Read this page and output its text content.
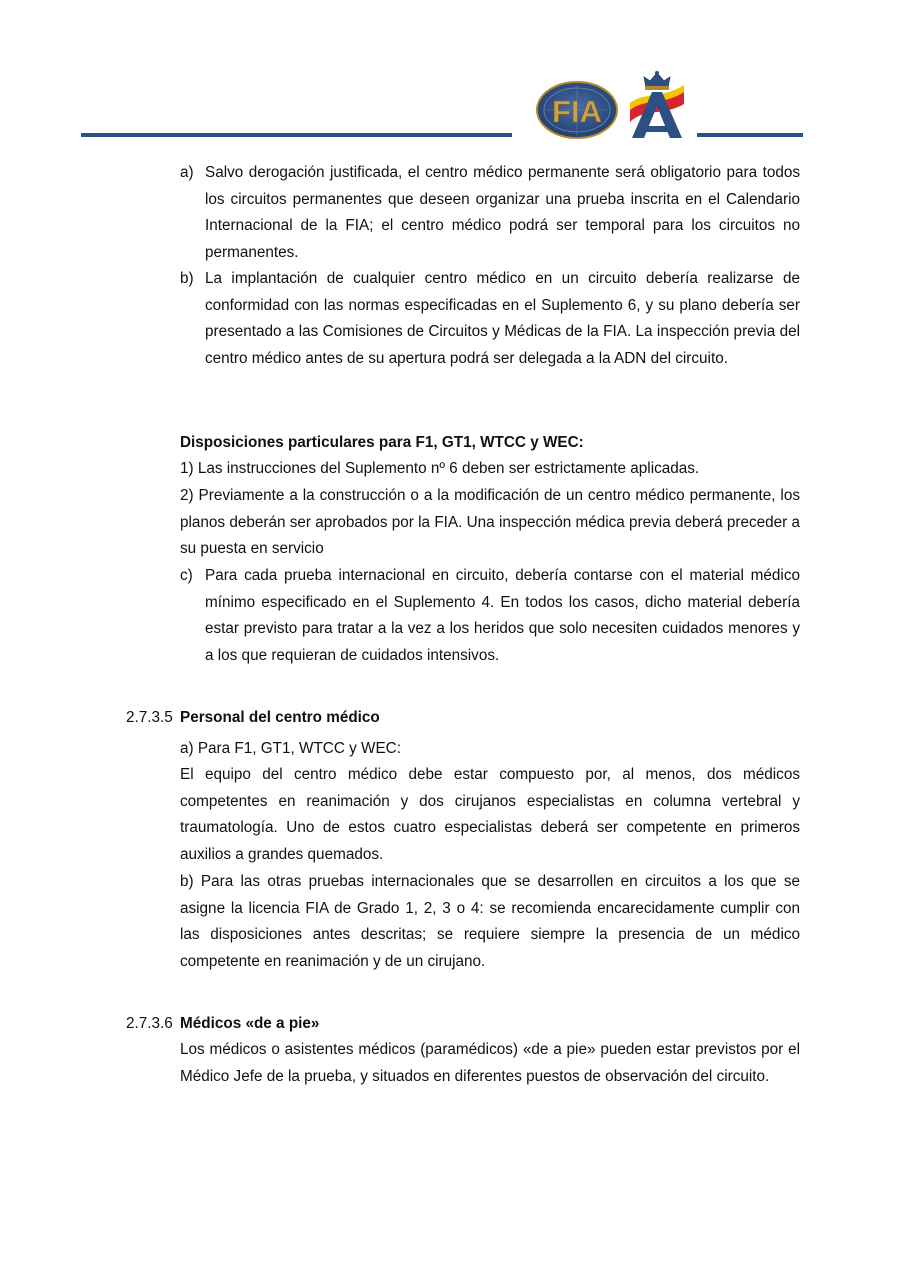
FIA
a) Salvo derogación justificada, el centro médico permanente será obligatorio para todos los circuitos permanentes que deseen organizar una prueba inscrita en el Calendario Internacional de la FIA; el centro médico podrá ser temporal para los circuitos no permanentes.
b) La implantación de cualquier centro médico en un circuito debería realizarse de conformidad con las normas especificadas en el Suplemento 6, y su plano debería ser presentado a las Comisiones de Circuitos y Médicas de la FIA. La inspección previa del centro médico antes de su apertura podrá ser delegada a la ADN del circuito.
Disposiciones particulares para F1, GT1, WTCC y WEC:
1) Las instrucciones del Suplemento nº 6 deben ser estrictamente aplicadas.
2) Previamente a la construcción o a la modificación de un centro médico permanente, los planos deberán ser aprobados por la FIA. Una inspección médica previa deberá preceder a su puesta en servicio
c) Para cada prueba internacional en circuito, debería contarse con el material médico mínimo especificado en el Suplemento 4. En todos los casos, dicho material debería estar previsto para tratar a la vez a los heridos que solo necesiten cuidados menores y a los que requieran de cuidados intensivos.
2.7.3.5 Personal del centro médico
a) Para F1, GT1, WTCC y WEC:
El equipo del centro médico debe estar compuesto por, al menos, dos médicos competentes en reanimación y dos cirujanos especialistas en columna vertebral y traumatología. Uno de estos cuatro especialistas deberá ser competente en primeros auxilios a grandes quemados.
b) Para las otras pruebas internacionales que se desarrollen en circuitos a los que se asigne la licencia FIA de Grado 1, 2, 3 o 4: se recomienda encarecidamente cumplir con las disposiciones antes descritas; se requiere siempre la presencia de un médico competente en reanimación y de un cirujano.
2.7.3.6 Médicos «de a pie»
Los médicos o asistentes médicos (paramédicos) «de a pie» pueden estar previstos por el Médico Jefe de la prueba, y situados en diferentes puestos de observación del circuito.
